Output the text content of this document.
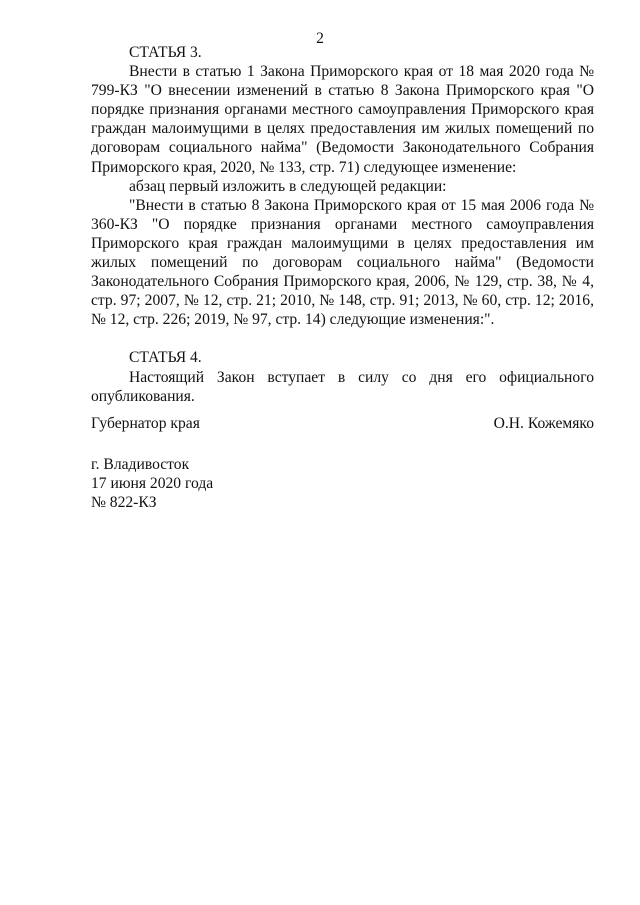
2

СТАТЬЯ 3.

Внести в статью 1 Закона Приморского края от 18 мая 2020 года № 799-КЗ "О внесении изменений в статью 8 Закона Приморского края "О порядке признания органами местного самоуправления Приморского края граждан малоимущими в целях предоставления им жилых помещений по договорам социального найма" (Ведомости Законодательного Собрания Приморского края, 2020, № 133, стр. 71) следующее изменение:

абзац первый изложить в следующей редакции:

"Внести в статью 8 Закона Приморского края от 15 мая 2006 года № 360-КЗ "О порядке признания органами местного самоуправления Приморского края граждан малоимущими в целях предоставления им жилых помещений по договорам социального найма" (Ведомости Законодательного Собрания Приморского края, 2006, № 129, стр. 38, № 4, стр. 97; 2007, № 12, стр. 21; 2010, № 148, стр. 91; 2013, № 60, стр. 12; 2016, № 12, стр. 226; 2019, № 97, стр. 14) следующие изменения:".

СТАТЬЯ 4.

Настоящий Закон вступает в силу со дня его официального опубликования.

Губернатор края	О.Н. Кожемяко
г. Владивосток
17 июня 2020 года
№ 822-КЗ
